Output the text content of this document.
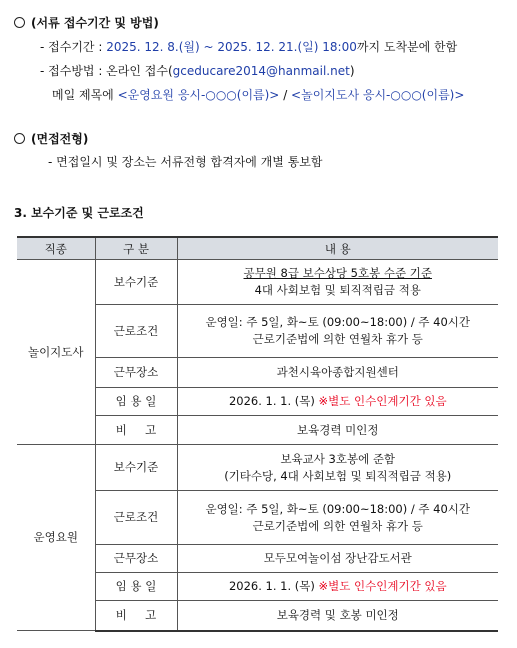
(서류 접수기간 및 방법)
- 접수기간 : 2025. 12. 8.(월) ~ 2025. 12. 21.(일) 18:00까지 도착분에 한함
- 접수방법 : 온라인 접수(gceducare2014@hanmail.net)
메일 제목에 <운영요원 응시-○○○(이름)> / <놀이지도사 응시-○○○(이름)>
(면접전형)
- 면접일시 및 장소는 서류전형 합격자에 개별 통보함
3. 보수기준 및 근로조건
직종	구 분	내 용
놀이지도사	보수기준	공무원 8급 보수상당 5호봉 수준 기준
4대 사회보험 및 퇴직적립금 적용

	근로조건	운영일: 주 5일, 화~토 (09:00~18:00) / 주 40시간
근로기준법에 의한 연월차 휴가 등

	근무장소	과천시육아종합지원센터
	임 용 일	2026. 1. 1. (목) ※별도 인수인계기간 있음
	비     고	보육경력 미인정
운영요원	보수기준	보육교사 3호봉에 준함
(기타수당, 4대 사회보험 및 퇴직적립금 적용)

	근로조건	운영일: 주 5일, 화~토 (09:00~18:00) / 주 40시간
근로기준법에 의한 연월차 휴가 등

	근무장소	모두모여놀이섬 장난감도서관
	임 용 일	2026. 1. 1. (목) ※별도 인수인계기간 있음
	비     고	보육경력 및 호봉 미인정
